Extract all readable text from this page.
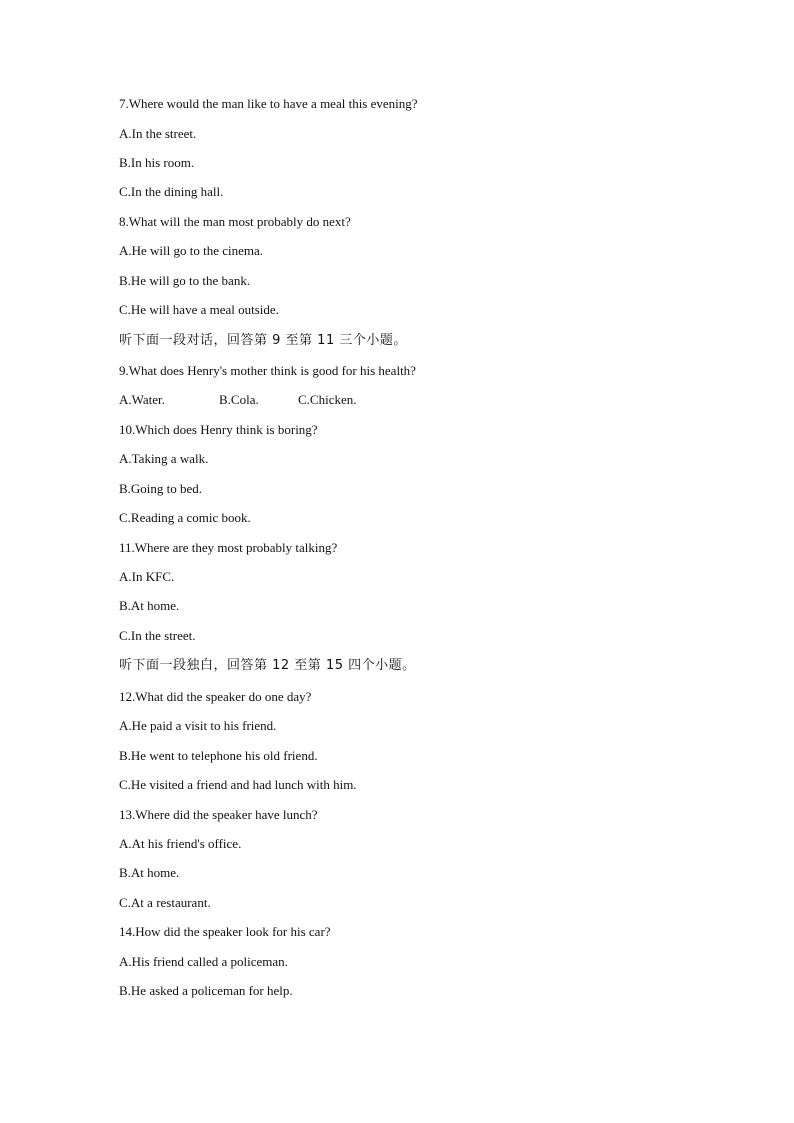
7.Where would the man like to have a meal this evening?
A.In the street.
B.In his room.
C.In the dining hall.
8.What will the man most probably do next?
A.He will go to the cinema.
B.He will go to the bank.
C.He will have a meal outside.
听下面一段对话，回答第 9 至第 11 三个小题。
9.What does Henry's mother think is good for his health?
A.Water.	B.Cola.	C.Chicken.
10.Which does Henry think is boring?
A.Taking a walk.
B.Going to bed.
C.Reading a comic book.
11.Where are they most probably talking?
A.In KFC.
B.At home.
C.In the street.
听下面一段独白，回答第 12 至第 15 四个小题。
12.What did the speaker do one day?
A.He paid a visit to his friend.
B.He went to telephone his old friend.
C.He visited a friend and had lunch with him.
13.Where did the speaker have lunch?
A.At his friend's office.
B.At home.
C.At a restaurant.
14.How did the speaker look for his car?
A.His friend called a policeman.
B.He asked a policeman for help.
